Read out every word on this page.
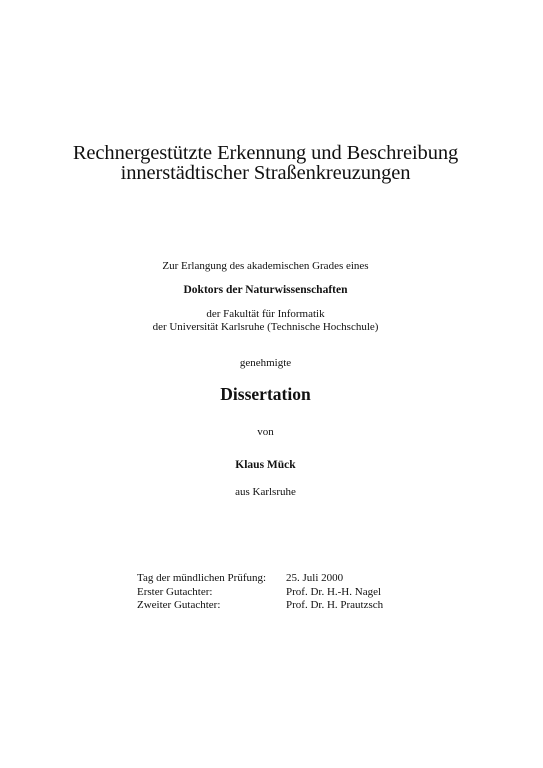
Rechnergestützte Erkennung und Beschreibung
innerstädtischer Straßenkreuzungen
Zur Erlangung des akademischen Grades eines
Doktors der Naturwissenschaften
der Fakultät für Informatik
der Universität Karlsruhe (Technische Hochschule)
genehmigte
Dissertation
von
Klaus Mück
aus Karlsruhe
Tag der mündlichen Prüfung:	25. Juli 2000
Erster Gutachter:	Prof. Dr. H.-H. Nagel
Zweiter Gutachter:	Prof. Dr. H. Prautzsch
